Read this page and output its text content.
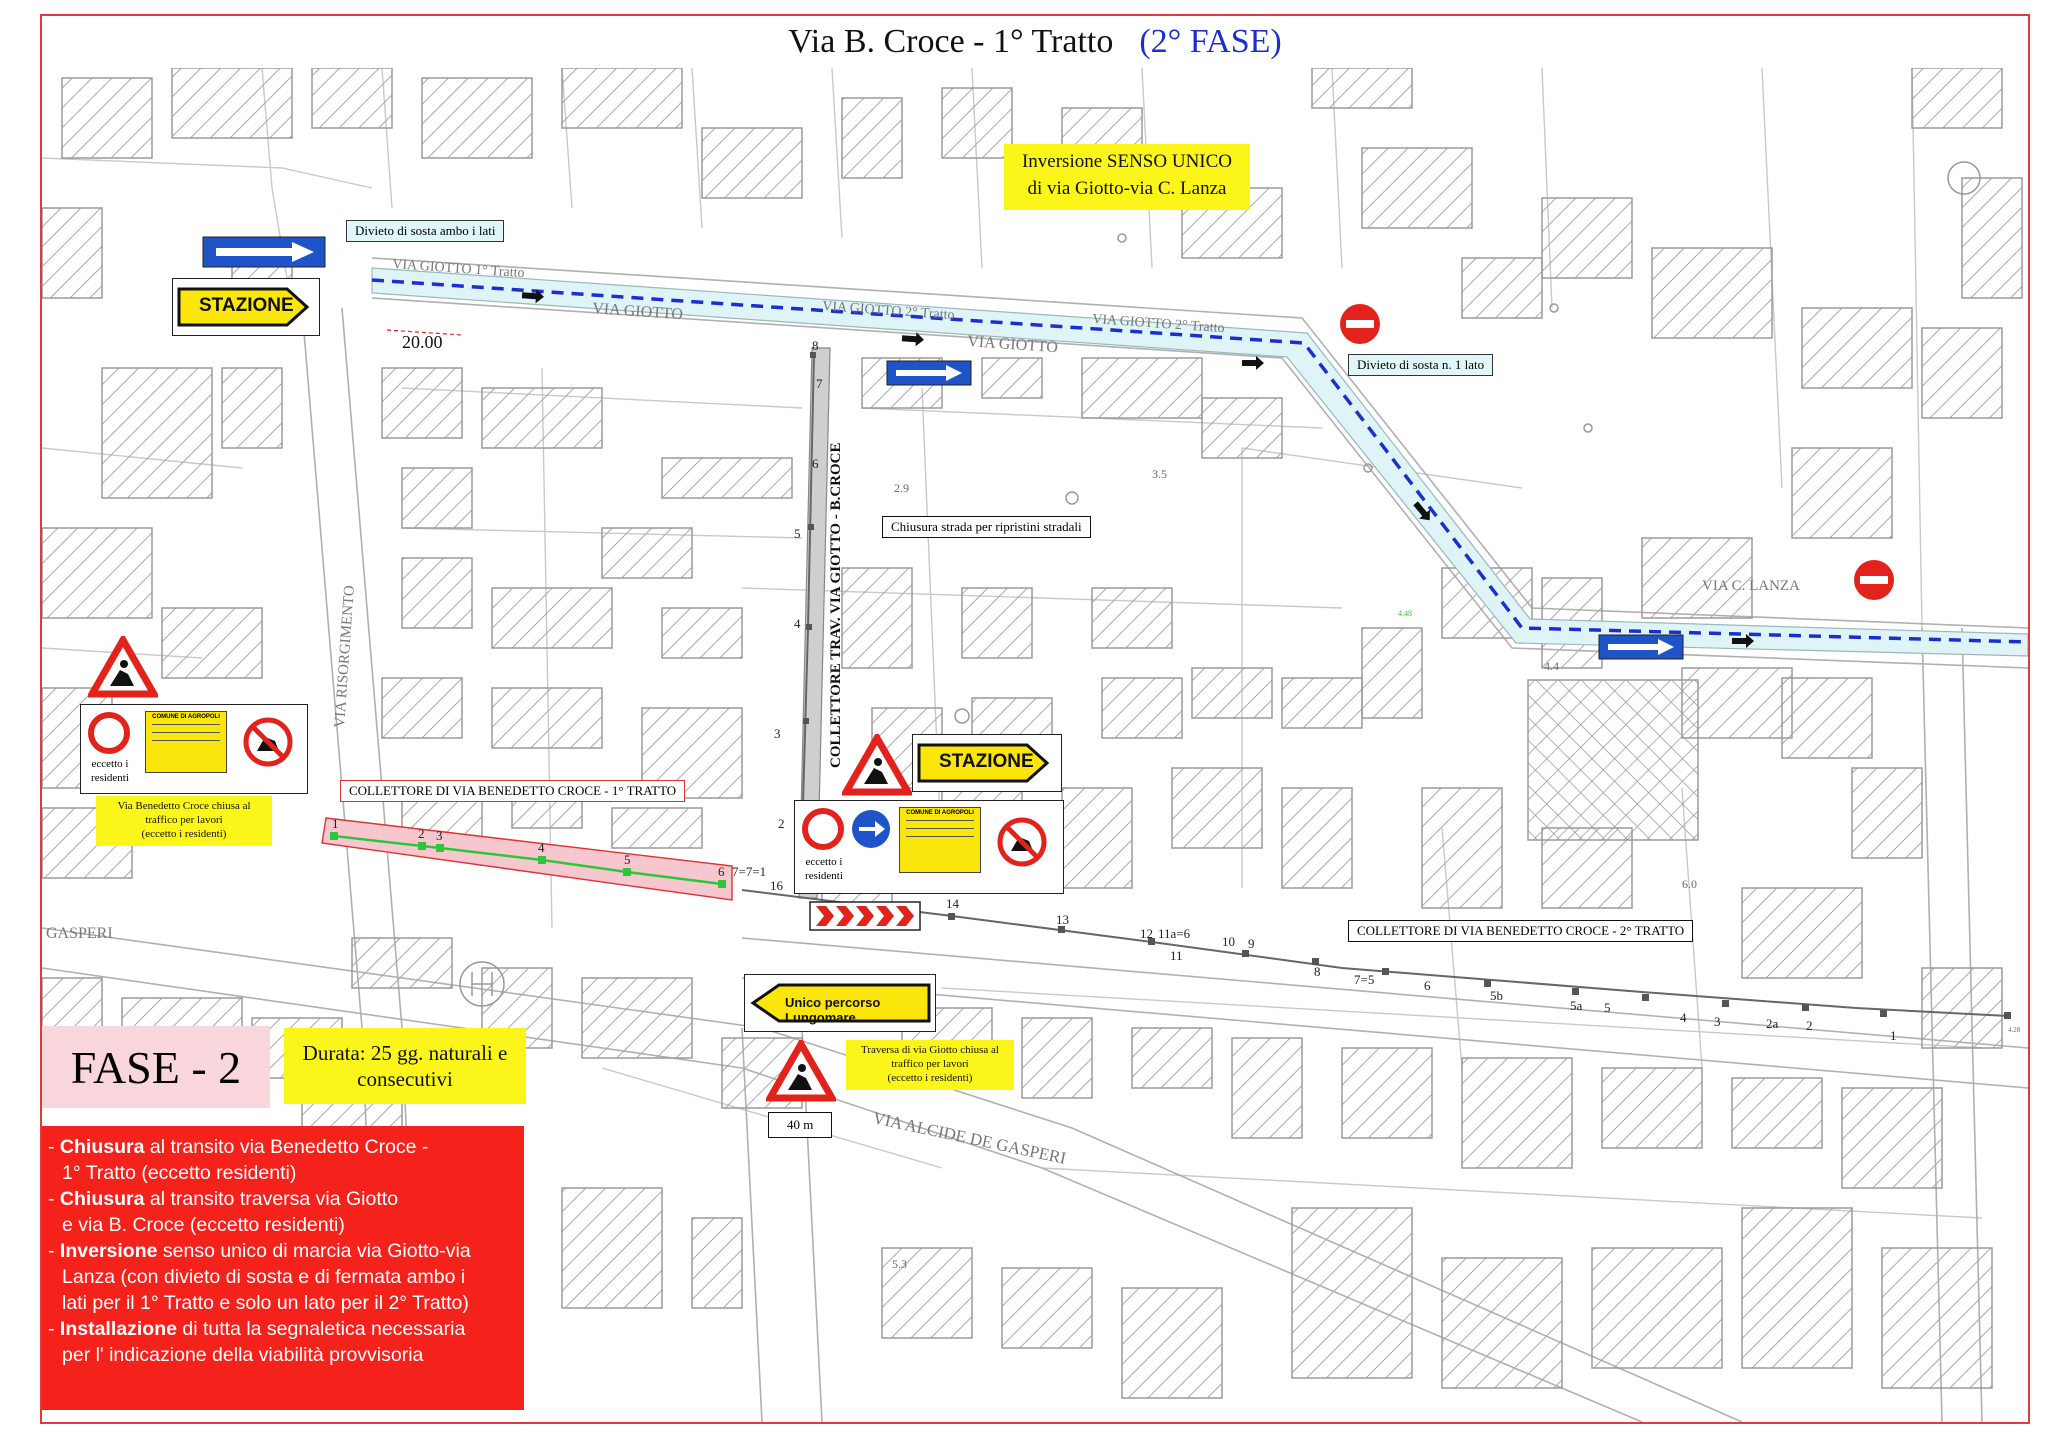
Via B. Croce - 1° Tratto (2° FASE)
VIA GIOTTO 1° Tratto
VIA GIOTTO	VIA GIOTTO 2° Tratto
VIA GIOTTO
VIA GIOTTO 2° Tratto
VIA C. LANZA
VIA RISORGIMENTO
VIA ALCIDE DE GASPERI
GASPERI
2.9
3.5
4.4
6.0
5.3
4.48
4.28
1
2 3
4
5
6 7=7=1
16
14
13
12 11a=6
11
10 9
8
7=5	6
5b
5a 5
4 3	2a 2
1
8
7
6
5
4
3
2
20.00
COLLETTORE TRAV. VIA GIOTTO - B.CROCE
Inversione SENSO UNICO
di via Giotto-via C. Lanza
Divieto di sosta ambo i lati
Divieto di sosta n. 1 lato
Chiusura strada per ripristini stradali
COLLETTORE DI VIA BENEDETTO CROCE - 1° TRATTO
COLLETTORE DI VIA BENEDETTO CROCE - 2° TRATTO
STAZIONE
STAZIONE
Unico percorso Lungomare
40 m
eccetto i
residenti
COMUNE DI AGROPOLI
Via Benedetto Croce chiusa al
traffico per lavori
(eccetto i residenti)
eccetto i
residenti
COMUNE DI AGROPOLI
Traversa di via Giotto chiusa al
traffico per lavori
(eccetto i residenti)
FASE - 2	Durata: 25 gg. naturali e
consecutivi
- Chiusura al transito via Benedetto Croce -
1° Tratto (eccetto residenti)
- Chiusura al transito traversa via Giotto
e via B. Croce (eccetto residenti)
- Inversione senso unico di marcia via Giotto-via
Lanza (con divieto di sosta e di fermata ambo i
lati per il 1° Tratto e solo un lato per il 2° Tratto)
- Installazione di tutta la segnaletica necessaria
per l' indicazione della viabilità provvisoria
